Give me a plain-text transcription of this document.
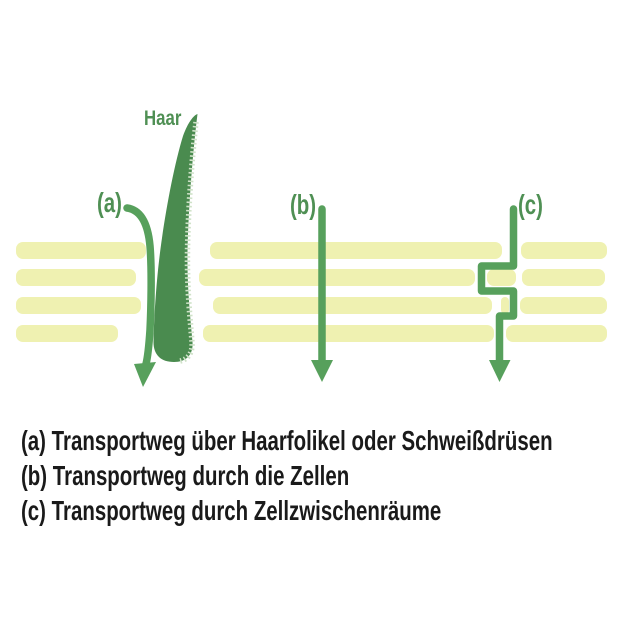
Haar
(a)	(b)	(c)
(a) Transportweg über Haarfolikel oder Schweißdrüsen
(b) Transportweg durch die Zellen
(c) Transportweg durch Zellzwischenräume
